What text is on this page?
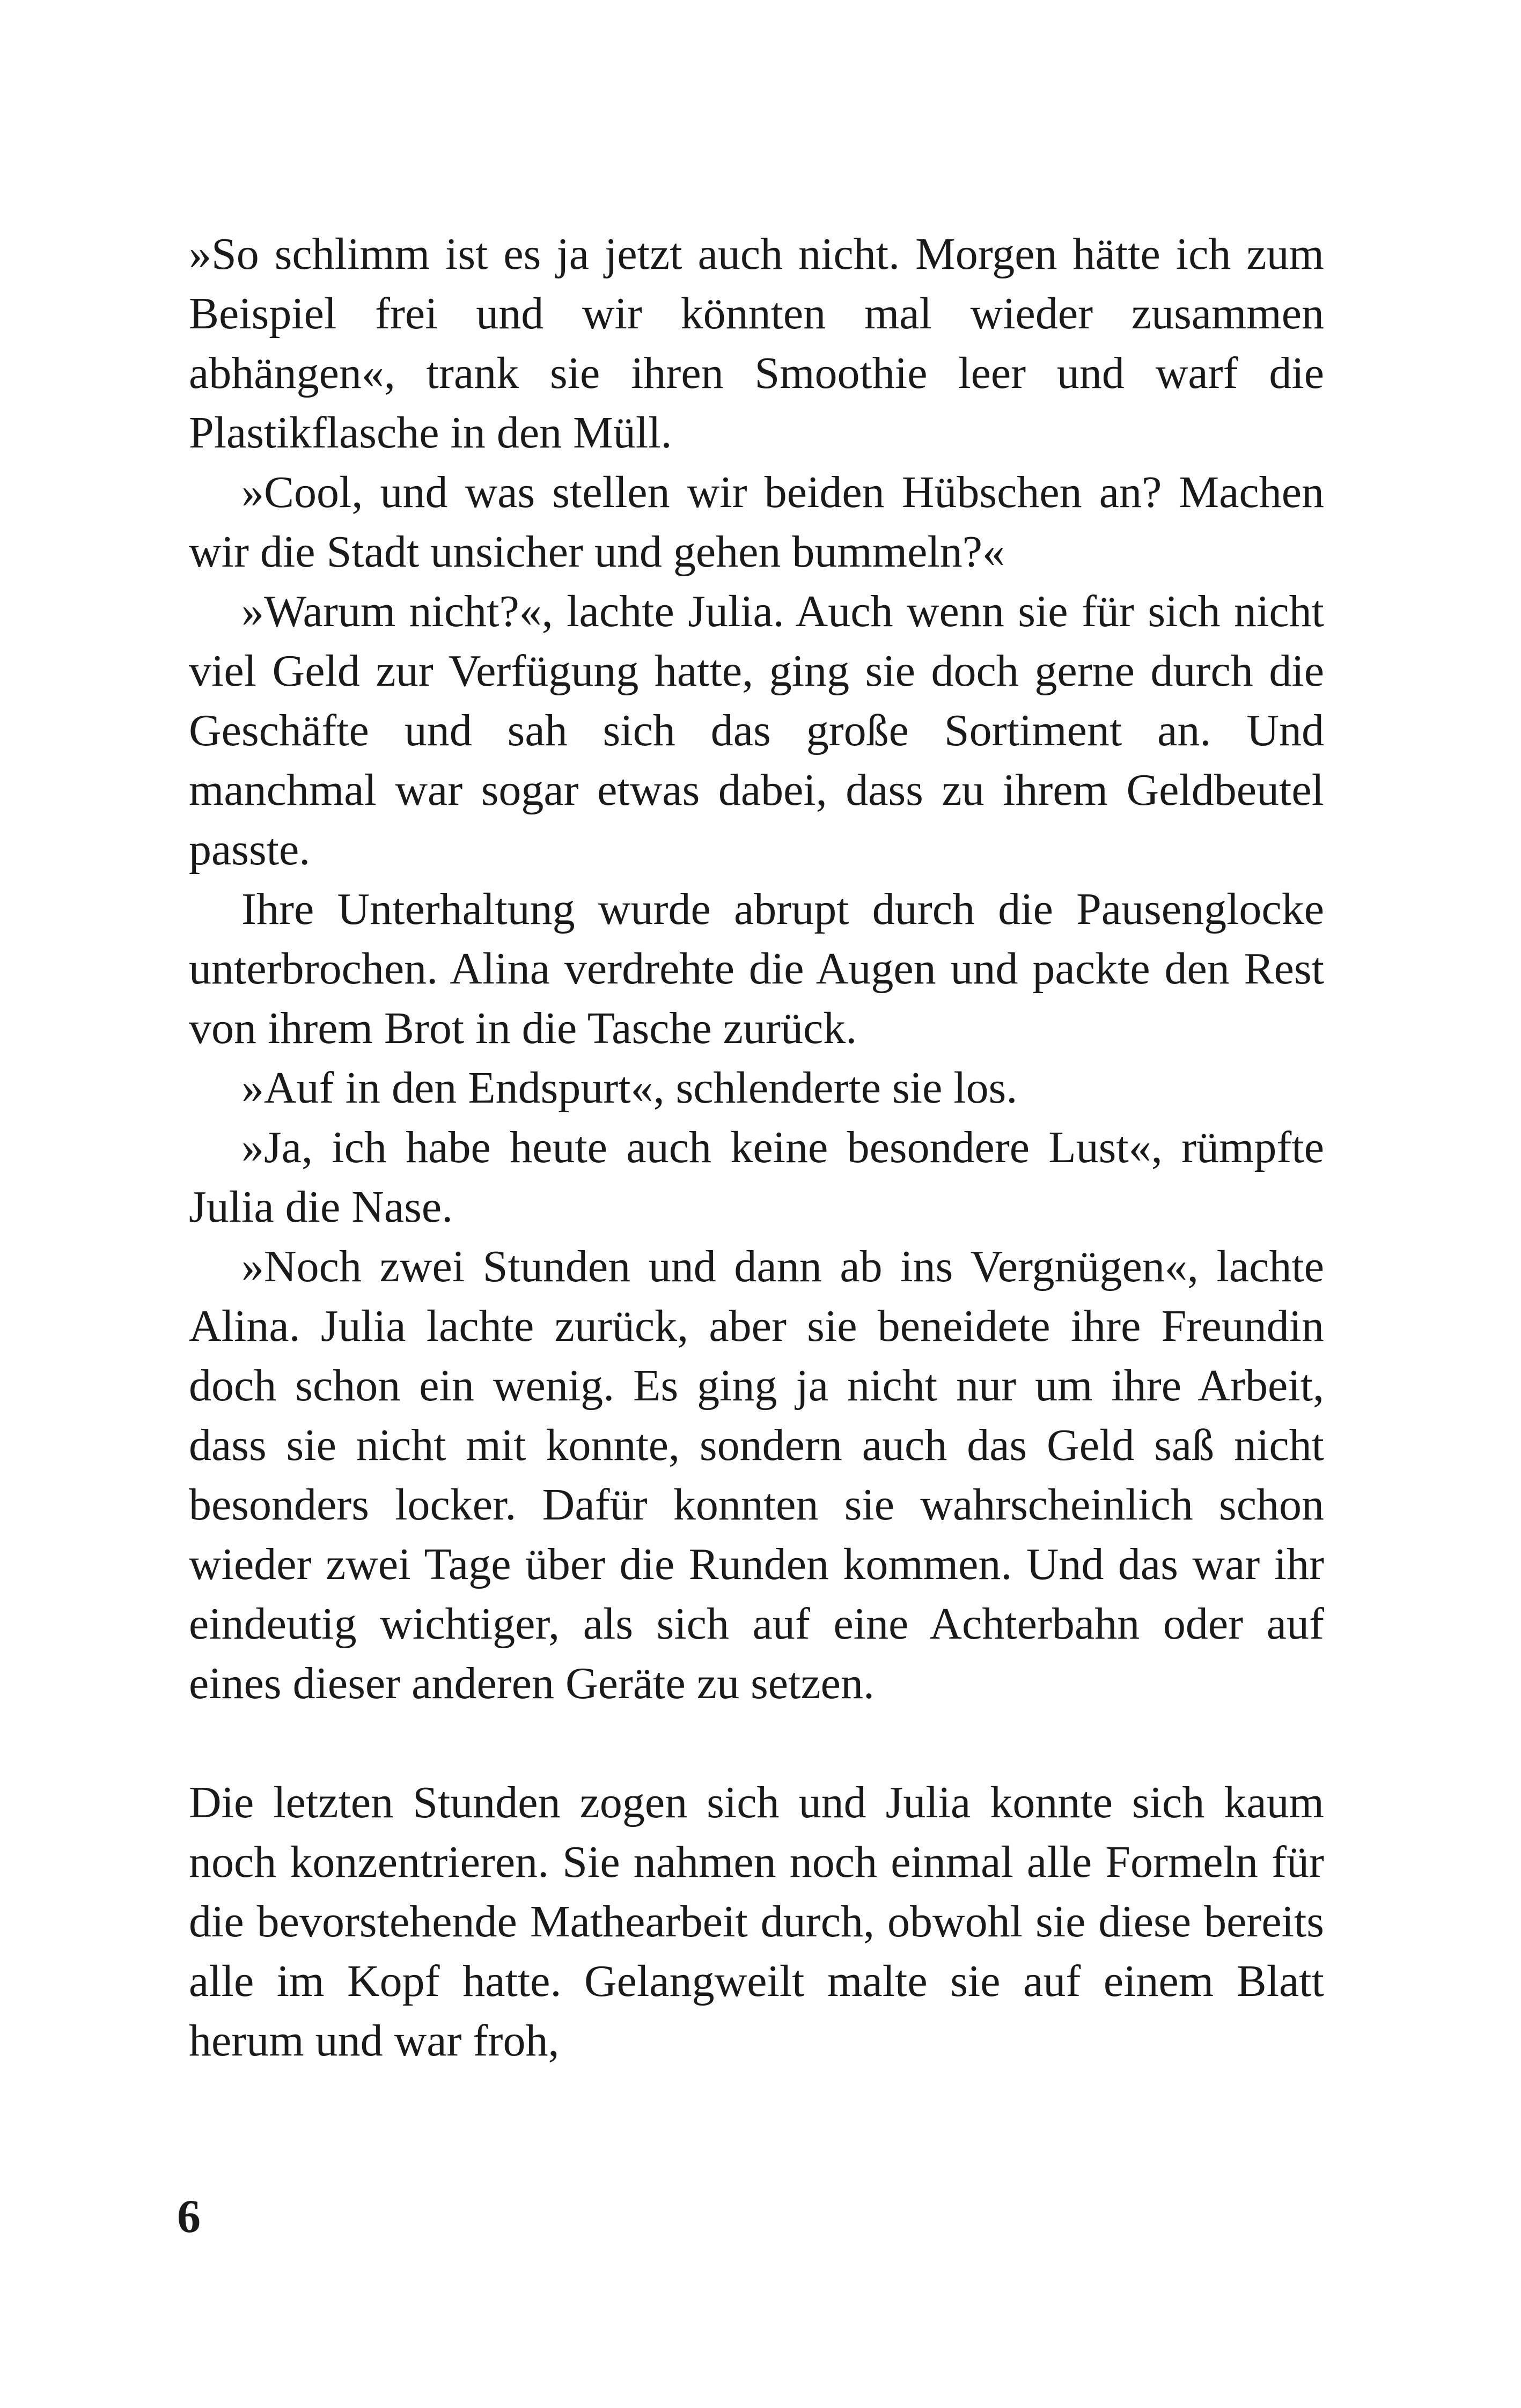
»So schlimm ist es ja jetzt auch nicht. Morgen hätte ich zum Beispiel frei und wir könnten mal wieder zusammen abhängen«, trank sie ihren Smoothie leer und warf die Plastikflasche in den Müll.

»Cool, und was stellen wir beiden Hübschen an? Machen wir die Stadt unsicher und gehen bummeln?«

»Warum nicht?«, lachte Julia. Auch wenn sie für sich nicht viel Geld zur Verfügung hatte, ging sie doch gerne durch die Geschäfte und sah sich das große Sortiment an. Und manchmal war sogar etwas dabei, dass zu ihrem Geldbeutel passte.

Ihre Unterhaltung wurde abrupt durch die Pausenglocke unterbrochen. Alina verdrehte die Augen und packte den Rest von ihrem Brot in die Tasche zurück.

»Auf in den Endspurt«, schlenderte sie los.

»Ja, ich habe heute auch keine besondere Lust«, rümpfte Julia die Nase.

»Noch zwei Stunden und dann ab ins Vergnügen«, lachte Alina. Julia lachte zurück, aber sie beneidete ihre Freundin doch schon ein wenig. Es ging ja nicht nur um ihre Arbeit, dass sie nicht mit konnte, sondern auch das Geld saß nicht besonders locker. Dafür konnten sie wahrscheinlich schon wieder zwei Tage über die Runden kommen. Und das war ihr eindeutig wichtiger, als sich auf eine Achterbahn oder auf eines dieser anderen Geräte zu setzen.

Die letzten Stunden zogen sich und Julia konnte sich kaum noch konzentrieren. Sie nahmen noch einmal alle Formeln für die bevorstehende Mathearbeit durch, obwohl sie diese bereits alle im Kopf hatte. Gelangweilt malte sie auf einem Blatt herum und war froh,

6
